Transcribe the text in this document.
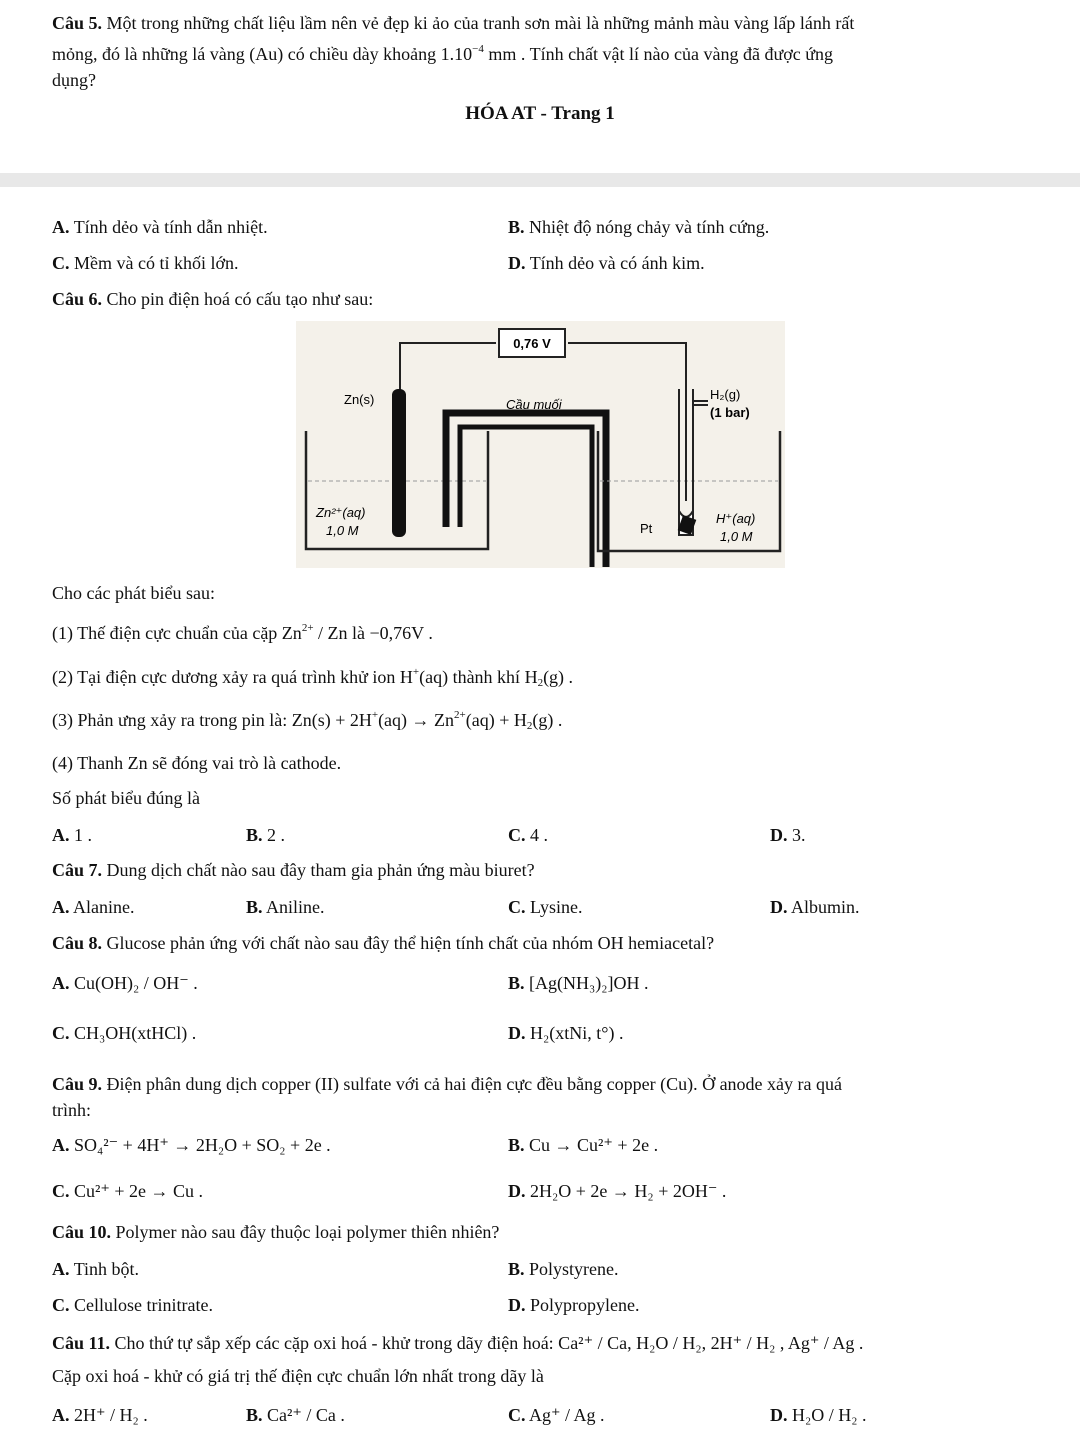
Câu 5. Một trong những chất liệu lầm nên vẻ đẹp ki ảo của tranh sơn mài là những mảnh màu vàng lấp lánh rất
mỏng, đó là những lá vàng (Au) có chiều dày khoảng $1.10^{-4}$ mm . Tính chất vật lí nào của vàng đã được ứng
dụng?
HÓA AT - Trang 1
A. Tính dẻo và tính dẫn nhiệt.	B. Nhiệt độ nóng chảy và tính cứng.
C. Mềm và có tỉ khối lớn.	D. Tính dẻo và có ánh kim.
Câu 6. Cho pin điện hoá có cấu tạo như sau:
0,76 V
Zn(s)	Cầu muối
H₂(g)
(1 bar)
Zn²⁺(aq)
1,0 M	Pt
H⁺(aq)
1,0 M
Cho các phát biểu sau:
(1) Thế điện cực chuẩn của cặp $Zn^{2+}$ / Zn là −0,76V .
(2) Tại điện cực dương xảy ra quá trình khử ion H+(aq) thành khí $H_2(g)$ .
(3) Phản ưng xảy ra trong pin là: $Zn(s) + 2H^+(aq) \to Zn^{2+}(aq) + H_2(g)$ .
(4) Thanh Zn sẽ đóng vai trò là cathode.
Số phát biểu đúng là
A. 1 .	B. 2 .	C. 4 .	D. 3.
Câu 7. Dung dịch chất nào sau đây tham gia phản ứng màu biuret?
A. Alanine.	B. Aniline.	C. Lysine.	D. Albumin.
Câu 8. Glucose phản ứng với chất nào sau đây thể hiện tính chất của nhóm OH hemiacetal?
A. Cu(OH)₂ / OH⁻ .	B. [Ag(NH₃)₂]OH .
C. CH₃OH(xtHCl) .	D. H₂(xtNi, t°) .
Câu 9. Điện phân dung dịch copper (II) sulfate với cả hai điện cực đều bằng copper (Cu). Ở anode xảy ra quá
trình:
A. SO₄²⁻ + 4H⁺ → 2H₂O + SO₂ + 2e .	B. Cu → Cu²⁺ + 2e .
C. Cu²⁺ + 2e → Cu .	D. 2H₂O + 2e → H₂ + 2OH⁻ .
Câu 10. Polymer nào sau đây thuộc loại polymer thiên nhiên?
A. Tinh bột.	B. Polystyrene.
C. Cellulose trinitrate.	D. Polypropylene.
Câu 11. Cho thứ tự sắp xếp các cặp oxi hoá - khử trong dãy điện hoá: Ca²⁺ / Ca, H₂O / H₂, 2H⁺ / H₂ , Ag⁺ / Ag .
Cặp oxi hoá - khử có giá trị thế điện cực chuẩn lớn nhất trong dãy là
A. 2H⁺ / H₂ .	B. Ca²⁺ / Ca .	C. Ag⁺ / Ag .	D. H₂O / H₂ .
